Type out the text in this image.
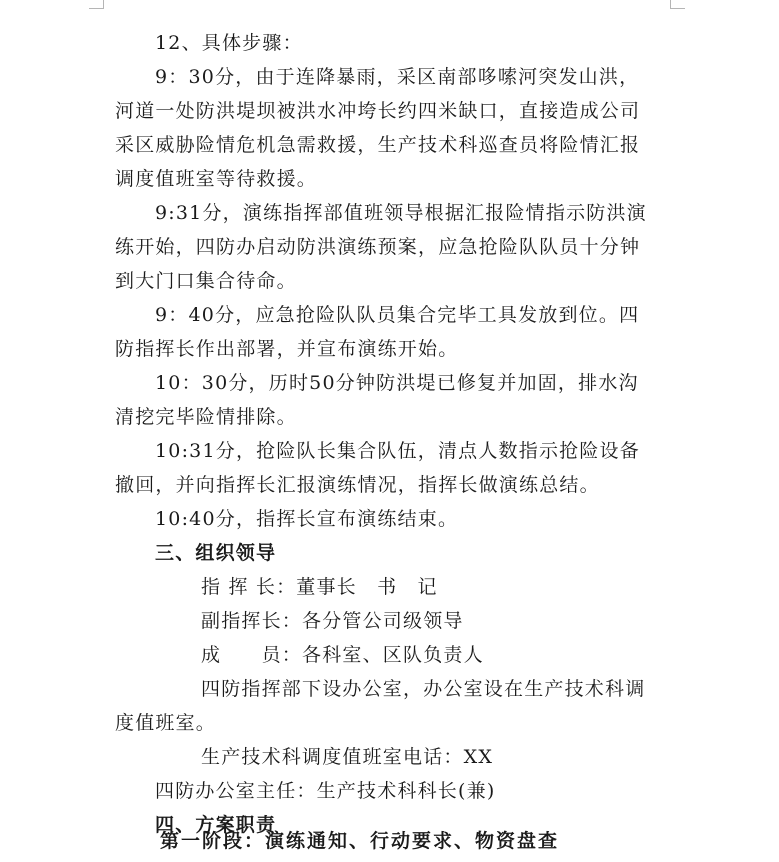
12、具体步骤：
9：30分，由于连降暴雨，采区南部哆嗦河突发山洪，
河道一处防洪堤坝被洪水冲垮长约四米缺口，直接造成公司
采区威胁险情危机急需救援，生产技术科巡查员将险情汇报
调度值班室等待救援。
9:31分，演练指挥部值班领导根据汇报险情指示防洪演
练开始，四防办启动防洪演练预案，应急抢险队队员十分钟
到大门口集合待命。
9：40分，应急抢险队队员集合完毕工具发放到位。四
防指挥长作出部署，并宣布演练开始。
10：30分，历时50分钟防洪堤已修复并加固，排水沟
清挖完毕险情排除。
10:31分，抢险队长集合队伍，清点人数指示抢险设备
撤回，并向指挥长汇报演练情况，指挥长做演练总结。
10:40分，指挥长宣布演练结束。
三、组织领导
指 挥 长：董事长　书　记
副指挥长：各分管公司级领导
成　　员：各科室、区队负责人
四防指挥部下设办公室，办公室设在生产技术科调
度值班室。
生产技术科调度值班室电话：XX
四防办公室主任：生产技术科科长(兼)
四、方案职责
第一阶段：演练通知、行动要求、物资盘查
